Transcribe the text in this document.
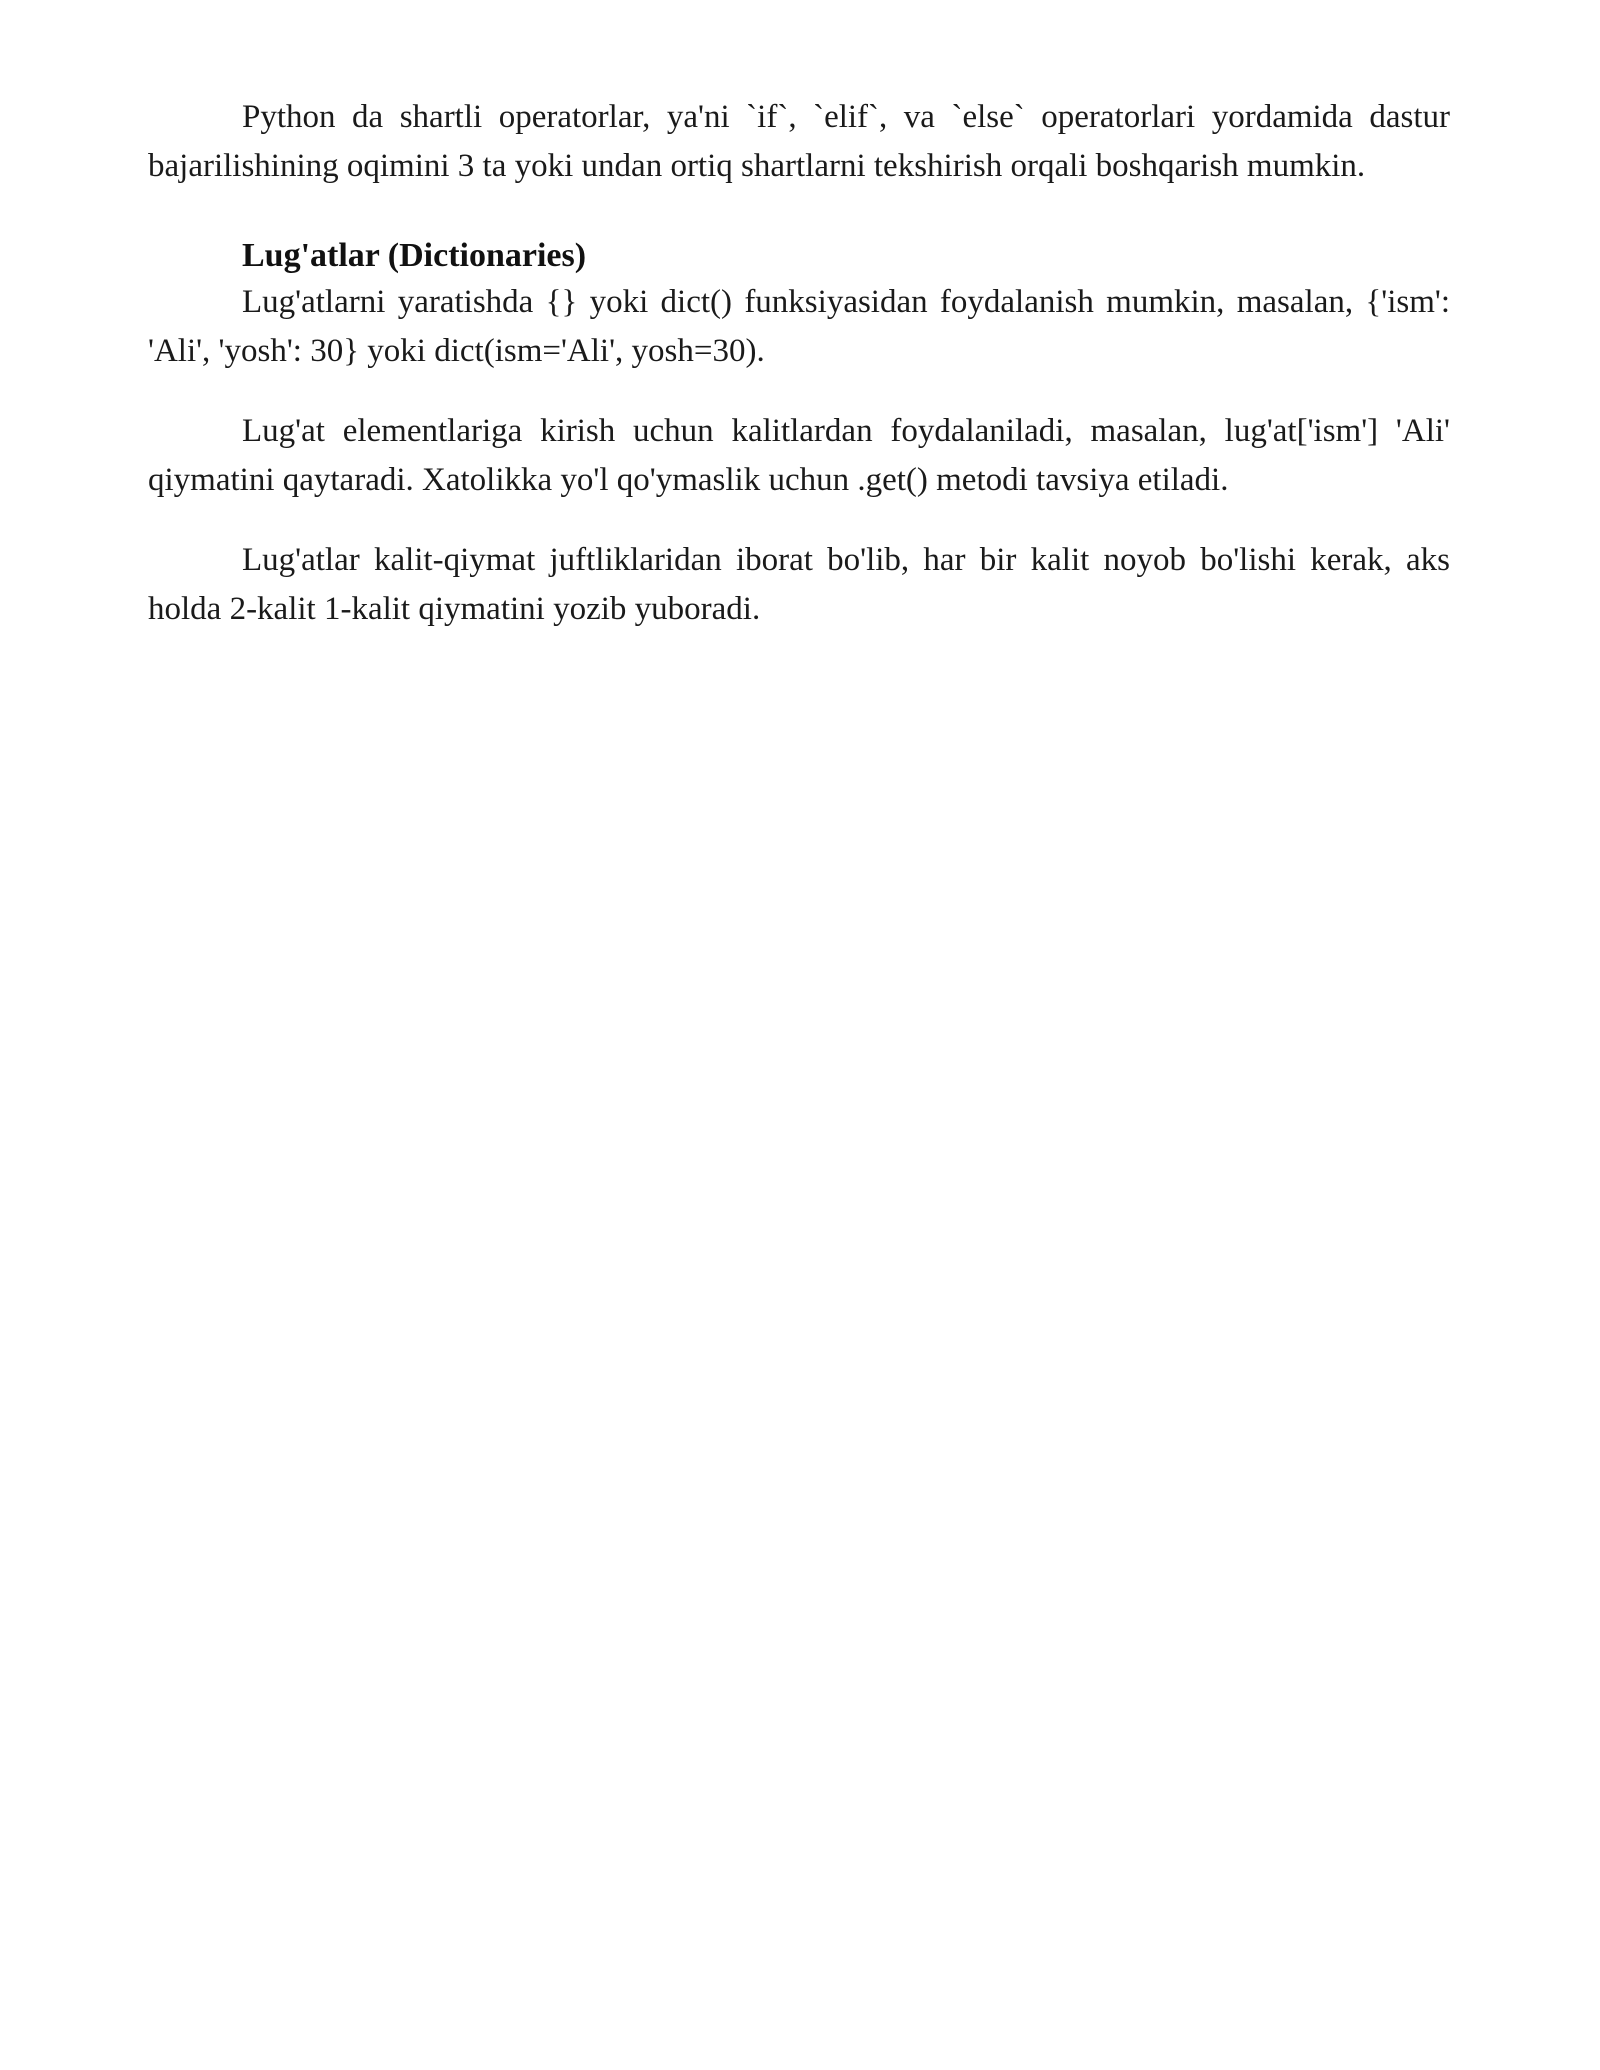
Python da shartli operatorlar, ya'ni `if`, `elif`, va `else` operatorlari yordamida dastur bajarilishining oqimini 3 ta yoki undan ortiq shartlarni tekshirish orqali boshqarish mumkin.

Lug'atlar (Dictionaries)

Lug'atlarni yaratishda {} yoki dict() funksiyasidan foydalanish mumkin, masalan, {'ism': 'Ali', 'yosh': 30} yoki dict(ism='Ali', yosh=30).

Lug'at elementlariga kirish uchun kalitlardan foydalaniladi, masalan, lug'at['ism'] 'Ali' qiymatini qaytaradi. Xatolikka yo'l qo'ymaslik uchun .get() metodi tavsiya etiladi.

Lug'atlar kalit-qiymat juftliklaridan iborat bo'lib, har bir kalit noyob bo'lishi kerak, aks holda 2-kalit 1-kalit qiymatini yozib yuboradi.
